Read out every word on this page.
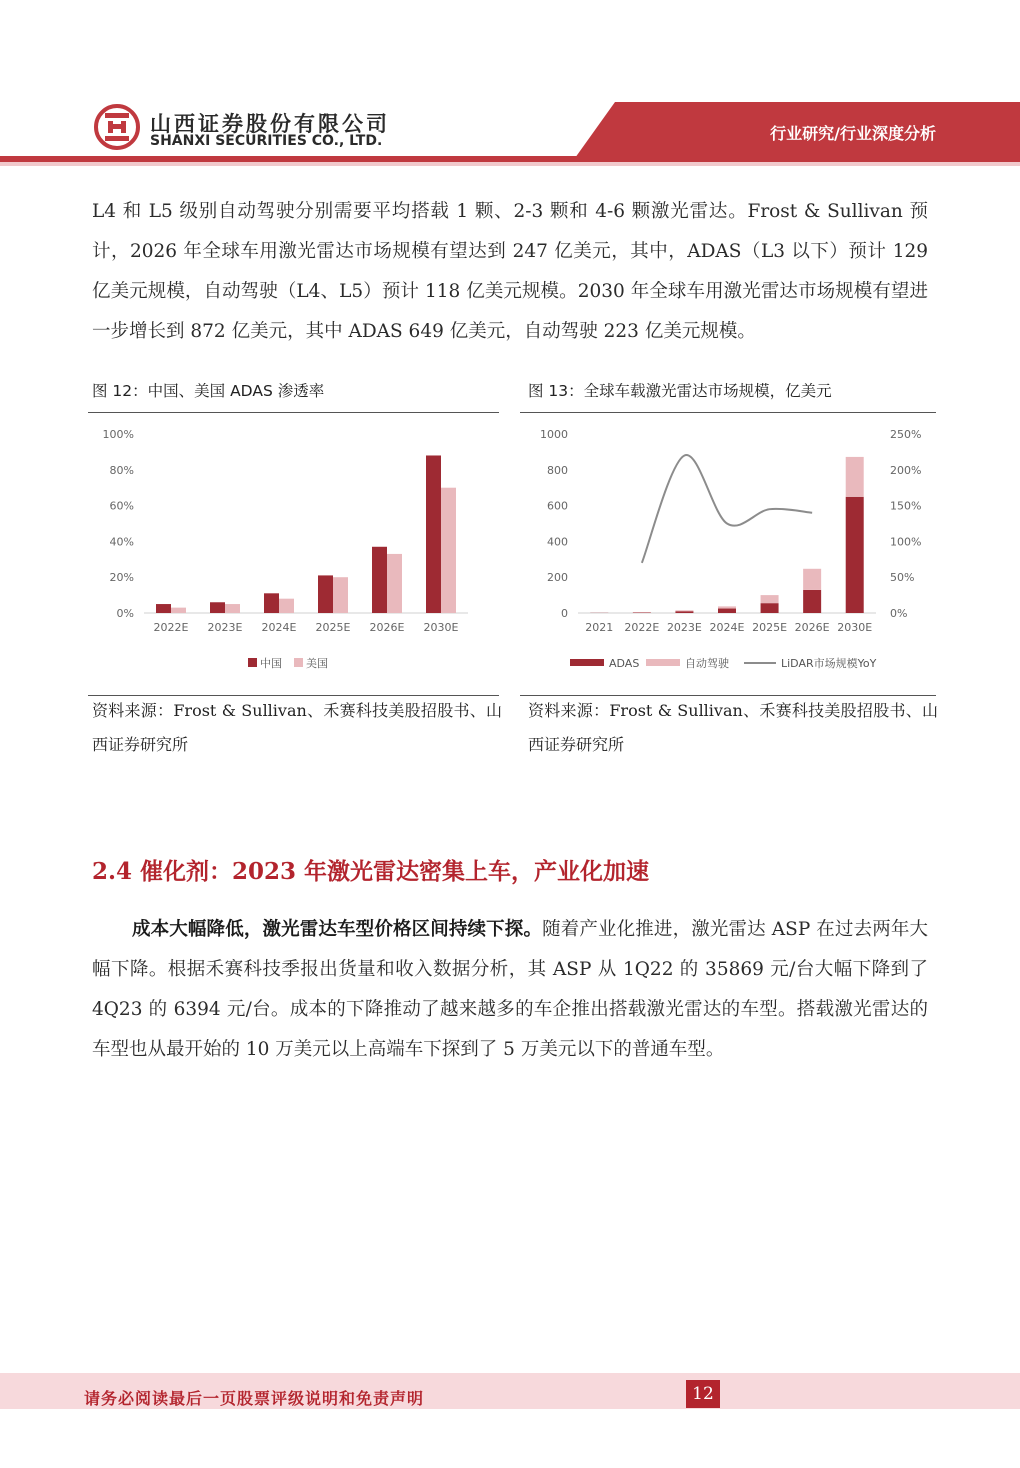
行业研究/行业深度分析
山西证券股份有限公司
SHANXI SECURITIES CO., LTD.
L4 和 L5 级别自动驾驶分别需要平均搭载 1 颗、2-3 颗和 4-6 颗激光雷达。Frost & Sullivan 预计，2026 年全球车用激光雷达市场规模有望达到 247 亿美元，其中，ADAS（L3 以下）预计 129 亿美元规模，自动驾驶（L4、L5）预计 118 亿美元规模。2030 年全球车用激光雷达市场规模有望进一步增长到 872 亿美元，其中 ADAS 649 亿美元，自动驾驶 223 亿美元规模。
图 12：中国、美国 ADAS 渗透率	图 13：全球车载激光雷达市场规模，亿美元
0%
20%
40%
60%
80%
100%
2022E 2023E 2024E 2025E 2026E 2030E
中国 美国
0
200
400
600
800
1000
0%
50%
100%
150%
200%
250%
2021 2022E 2023E 2024E 2025E 2026E 2030E
ADAS	自动驾驶	LiDAR市场规模YoY
资料来源：Frost & Sullivan、禾赛科技美股招股书、山西证券研究所
资料来源：Frost & Sullivan、禾赛科技美股招股书、山西证券研究所
2.4 催化剂：2023 年激光雷达密集上车，产业化加速
成本大幅降低，激光雷达车型价格区间持续下探。随着产业化推进，激光雷达 ASP 在过去两年大幅下降。根据禾赛科技季报出货量和收入数据分析，其 ASP 从 1Q22 的 35869 元/台大幅下降到了 4Q23 的 6394 元/台。成本的下降推动了越来越多的车企推出搭载激光雷达的车型。搭载激光雷达的车型也从最开始的 10 万美元以上高端车下探到了 5 万美元以下的普通车型。
请务必阅读最后一页股票评级说明和免责声明	12
